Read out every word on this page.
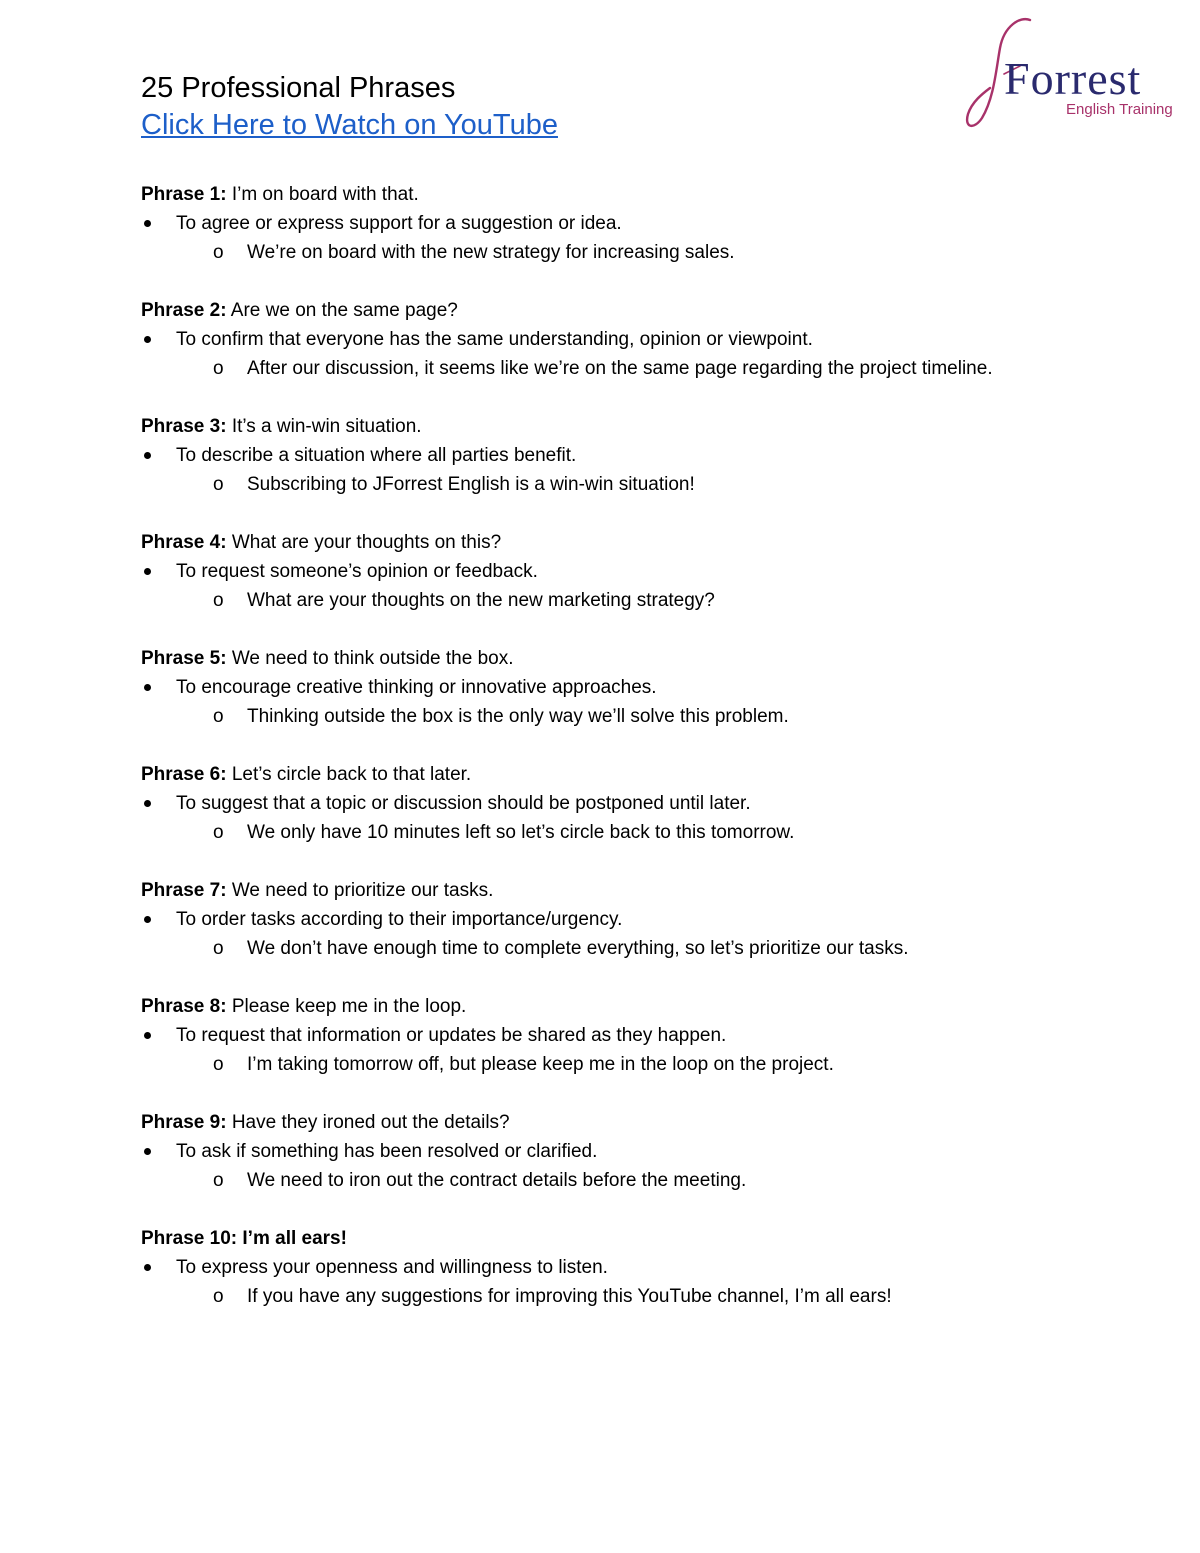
25 Professional Phrases
Click Here to Watch on YouTube
Forrest
English Training
Phrase 1: I’m on board with that.
To agree or express support for a suggestion or idea.
o We’re on board with the new strategy for increasing sales.
Phrase 2: Are we on the same page?
To confirm that everyone has the same understanding, opinion or viewpoint.
o After our discussion, it seems like we’re on the same page regarding the project timeline.
Phrase 3: It’s a win-win situation.
To describe a situation where all parties benefit.
o Subscribing to JForrest English is a win-win situation!
Phrase 4: What are your thoughts on this?
To request someone’s opinion or feedback.
o What are your thoughts on the new marketing strategy?
Phrase 5: We need to think outside the box.
To encourage creative thinking or innovative approaches.
o Thinking outside the box is the only way we’ll solve this problem.
Phrase 6: Let’s circle back to that later.
To suggest that a topic or discussion should be postponed until later.
o We only have 10 minutes left so let’s circle back to this tomorrow.
Phrase 7: We need to prioritize our tasks.
To order tasks according to their importance/urgency.
o We don’t have enough time to complete everything, so let’s prioritize our tasks.
Phrase 8: Please keep me in the loop.
To request that information or updates be shared as they happen.
o I’m taking tomorrow off, but please keep me in the loop on the project.
Phrase 9: Have they ironed out the details?
To ask if something has been resolved or clarified.
o We need to iron out the contract details before the meeting.
Phrase 10: I’m all ears!
To express your openness and willingness to listen.
o If you have any suggestions for improving this YouTube channel, I’m all ears!
